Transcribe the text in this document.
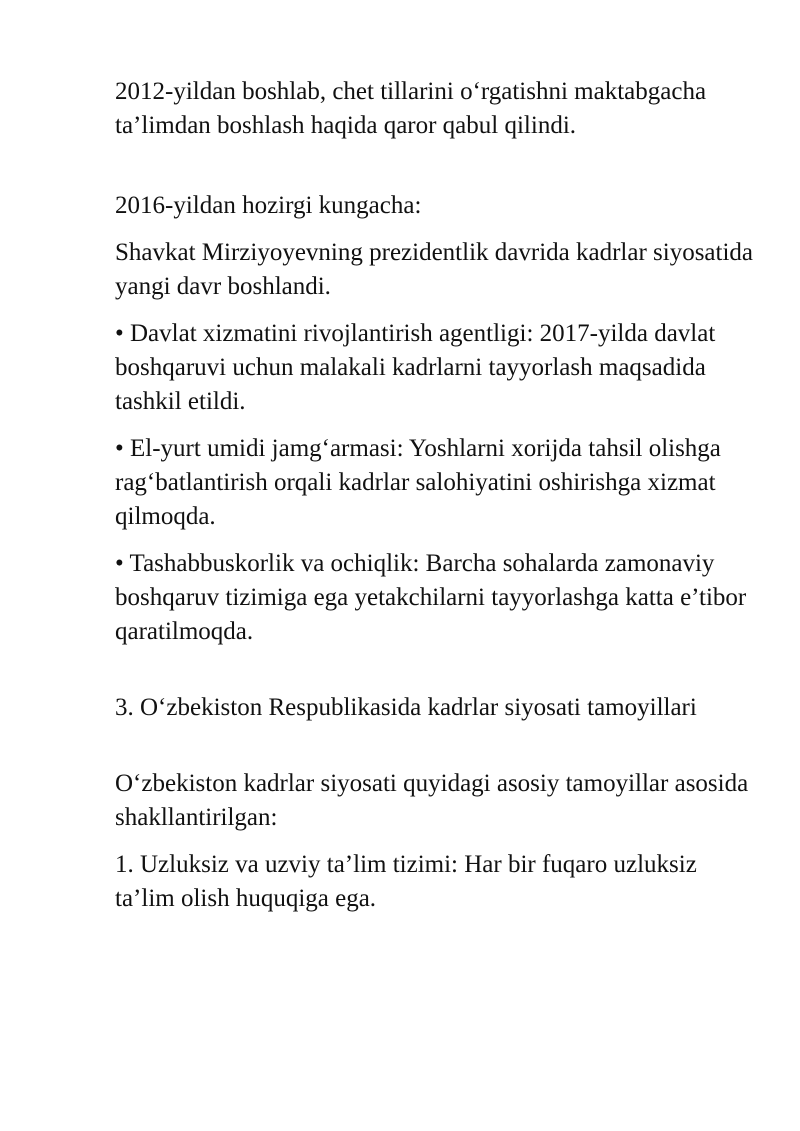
2012-yildan boshlab, chet tillarini o‘rgatishni maktabgacha ta’limdan boshlash haqida qaror qabul qilindi.

2016-yildan hozirgi kungacha:

Shavkat Mirziyoyevning prezidentlik davrida kadrlar siyosatida yangi davr boshlandi.

• Davlat xizmatini rivojlantirish agentligi: 2017-yilda davlat boshqaruvi uchun malakali kadrlarni tayyorlash maqsadida tashkil etildi.

• El-yurt umidi jamg‘armasi: Yoshlarni xorijda tahsil olishga rag‘batlantirish orqali kadrlar salohiyatini oshirishga xizmat qilmoqda.

• Tashabbuskorlik va ochiqlik: Barcha sohalarda zamonaviy boshqaruv tizimiga ega yetakchilarni tayyorlashga katta e’tibor qaratilmoqda.

3. O‘zbekiston Respublikasida kadrlar siyosati tamoyillari

O‘zbekiston kadrlar siyosati quyidagi asosiy tamoyillar asosida shakllantirilgan:

1. Uzluksiz va uzviy ta’lim tizimi: Har bir fuqaro uzluksiz ta’lim olish huquqiga ega.
